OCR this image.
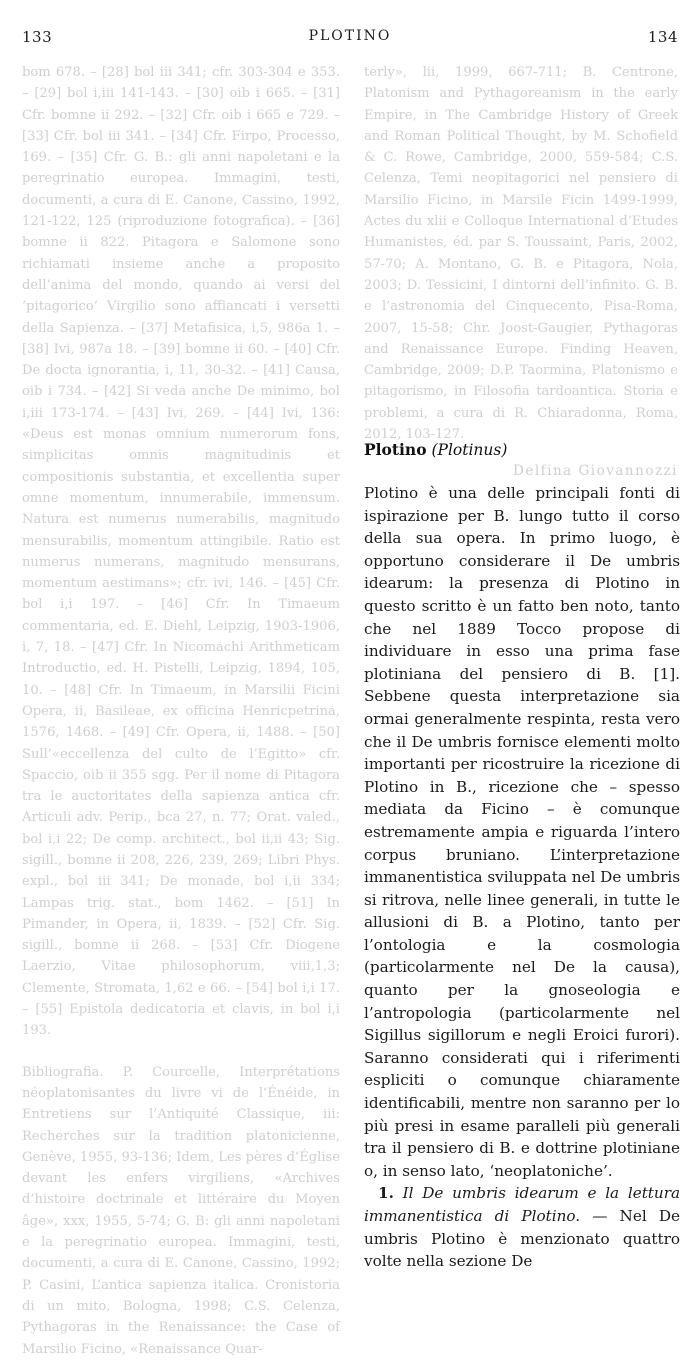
133	PLOTINO	134

bom 678. – [28] bol iii 341; cfr. 303-304 e 353. – [29] bol i,iii 141-143. – [30] oib i 665. – [31] Cfr. bomne ii 292. – [32] Cfr. oib i 665 e 729. – [33] Cfr. bol iii 341. – [34] Cfr. Firpo, Processo, 169. – [35] Cfr. G. B.: gli anni napoletani e la peregrinatio europea. Immagini, testi, documenti, a cura di E. Canone, Cassino, 1992, 121-122, 125 (riproduzione fotografica). – [36] bomne ii 822. Pitagora e Salomone sono richiamati insieme anche a proposito dell’anima del mondo, quando ai versi del ‘pitagorico’ Virgilio sono affiancati i versetti della Sapienza. – [37] Metafisica, i,5, 986a 1. – [38] Ivi, 987a 18. – [39] bomne ii 60. – [40] Cfr. De docta ignorantia, i, 11, 30-32. – [41] Causa, oib i 734. – [42] Si veda anche De minimo, bol i,iii 173-174. – [43] Ivi, 269. – [44] Ivi, 136: «Deus est monas omnium numerorum fons, simplicitas omnis magnitudinis et compositionis substantia, et excellentia super omne momentum, innumerabile, immensum. Natura est numerus numerabilis, magnitudo mensurabilis, momentum attingibile. Ratio est numerus numerans, magnitudo mensurans, momentum aestimans»; cfr. ivi, 146. – [45] Cfr. bol i,i 197. – [46] Cfr. In Timaeum commentaria, ed. E. Diehl, Leipzig, 1903-1906, i, 7, 18. – [47] Cfr. In Nicomachi Arithmeticam Introductio, ed. H. Pistelli, Leipzig, 1894, 105, 10. – [48] Cfr. In Timaeum, in Marsilii Ficini Opera, ii, Basileae, ex officina Henricpetrina, 1576, 1468. – [49] Cfr. Opera, ii, 1488. – [50] Sull’«eccellenza del culto de l’Egitto» cfr. Spaccio, oib ii 355 sgg. Per il nome di Pitagora tra le auctoritates della sapienza antica cfr. Articuli adv. Perip., bca 27, n. 77; Orat. valed., bol i,i 22; De comp. architect., bol ii,ii 43; Sig. sigill., bomne ii 208, 226, 239, 269; Libri Phys. expl., bol iii 341; De monade, bol i,ii 334; Lampas trig. stat., bom 1462. – [51] In Pimander, in Opera, ii, 1839. – [52] Cfr. Sig. sigill., bomne ii 268. – [53] Cfr. Diogene Laerzio, Vitae philosophorum, viii,1,3; Clemente, Stromata, 1,62 e 66. – [54] bol i,i 17. – [55] Epistola dedicatoria et clavis, in bol i,i 193.

Bibliografia. P. Courcelle, Interprétations néoplatonisantes du livre vi de l’Énéide, in Entretiens sur l’Antiquité Classique, iii: Recherches sur la tradition platonicienne, Genève, 1955, 93-136; Idem, Les pères d’Église devant les enfers virgiliens, «Archives d’histoire doctrinale et littéraire du Moyen âge», xxx, 1955, 5-74; G. B: gli anni napoletani e la peregrinatio europea. Immagini, testi, documenti, a cura di E. Canone, Cassino, 1992; P. Casini, L’antica sapienza italica. Cronistoria di un mito, Bologna, 1998; C.S. Celenza, Pythagoras in the Renaissance: the Case of Marsilio Ficino, «Renaissance Quar-

terly», lii, 1999, 667-711; B. Centrone, Platonism and Pythagoreanism in the early Empire, in The Cambridge History of Greek and Roman Political Thought, by M. Schofield & C. Rowe, Cambridge, 2000, 559-584; C.S. Celenza, Temi neopitagorici nel pensiero di Marsilio Ficino, in Marsile Ficin 1499-1999, Actes du xlii e Colloque International d’Etudes Humanistes, éd. par S. Toussaint, Paris, 2002, 57-70; A. Montano, G. B. e Pitagora, Nola, 2003; D. Tessicini, I dintorni dell’infinito. G. B. e l’astronomia del Cinquecento, Pisa-Roma, 2007, 15-58; Chr. Joost-Gaugier, Pythagoras and Renaissance Europe. Finding Heaven, Cambridge, 2009; D.P. Taormina, Platonismo e pitagorismo, in Filosofia tardoantica. Storia e problemi, a cura di R. Chiaradonna, Roma, 2012, 103-127.

Delfina Giovannozzi
Plotino (Plotinus)

Plotino è una delle principali fonti di ispirazione per B. lungo tutto il corso della sua opera. In primo luogo, è opportuno considerare il De umbris idearum: la presenza di Plotino in questo scritto è un fatto ben noto, tanto che nel 1889 Tocco propose di individuare in esso una prima fase plotiniana del pensiero di B. [1]. Sebbene questa interpretazione sia ormai generalmente respinta, resta vero che il De umbris fornisce elementi molto importanti per ricostruire la ricezione di Plotino in B., ricezione che – spesso mediata da Ficino – è comunque estremamente ampia e riguarda l’intero corpus bruniano. L’interpretazione immanentistica sviluppata nel De umbris si ritrova, nelle linee generali, in tutte le allusioni di B. a Plotino, tanto per l’ontologia e la cosmologia (particolarmente nel De la causa), quanto per la gnoseologia e l’antropologia (particolarmente nel Sigillus sigillorum e negli Eroici furori). Saranno considerati qui i riferimenti espliciti o comunque chiaramente identificabili, mentre non saranno per lo più presi in esame paralleli più generali tra il pensiero di B. e dottrine plotiniane o, in senso lato, ‘neoplatoniche’.

1. Il De umbris idearum e la lettura immanentistica di Plotino. — Nel De umbris Plotino è menzionato quattro volte nella sezione De
